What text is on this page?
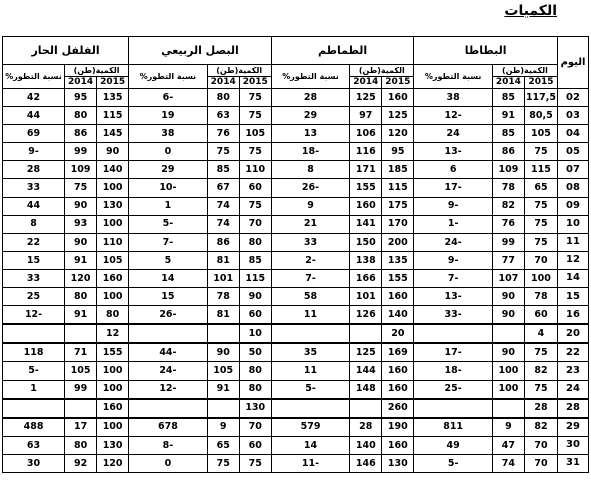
الكميات
اليوم	البطاطا			الطماطم			البصل الربيعي			الفلفل الحار		
	الكمية(طن)		نسبة التطور%	الكمية(طن)		نسبة التطور%	الكمية(طن)		نسبة التطور%	الكمية(طن)		نسبة التطور%
	2015	2014		2015	2014		2015	2014		2015	2014	
02	117,5	85	38	160	125	28	75	80	-6	135	95	42
03	80,5	91	-12	125	97	29	75	63	19	115	80	44
04	105	85	24	120	106	13	105	76	38	145	86	69
05	75	86	-13	95	116	-18	75	75	0	90	99	-9
07	115	109	6	185	171	8	110	85	29	140	109	28
08	65	78	-17	115	155	-26	60	67	-10	100	75	33
09	75	82	-9	175	160	9	75	74	1	130	90	44
10	75	76	-1	170	141	21	70	74	-5	100	93	8
11	75	99	-24	200	150	33	80	86	-7	110	90	22
12	70	77	-9	135	138	-2	85	81	5	105	91	15
14	100	107	-7	155	166	-7	115	101	14	160	120	33
15	78	90	-13	160	101	58	90	78	15	100	80	25
16	60	90	-33	140	126	11	60	81	-26	80	91	-12
20	4			20			10			12		
22	75	90	-17	169	125	35	50	90	-44	155	71	118
23	82	100	-18	160	144	11	80	105	-24	100	105	-5
24	75	100	-25	160	148	-5	80	91	-12	100	99	1
28	28			260			130			160		
29	82	9	811	190	28	579	70	9	678	100	17	488
30	70	47	49	160	140	14	60	65	-8	130	80	63
31	70	74	-5	130	146	-11	75	75	0	120	92	30
